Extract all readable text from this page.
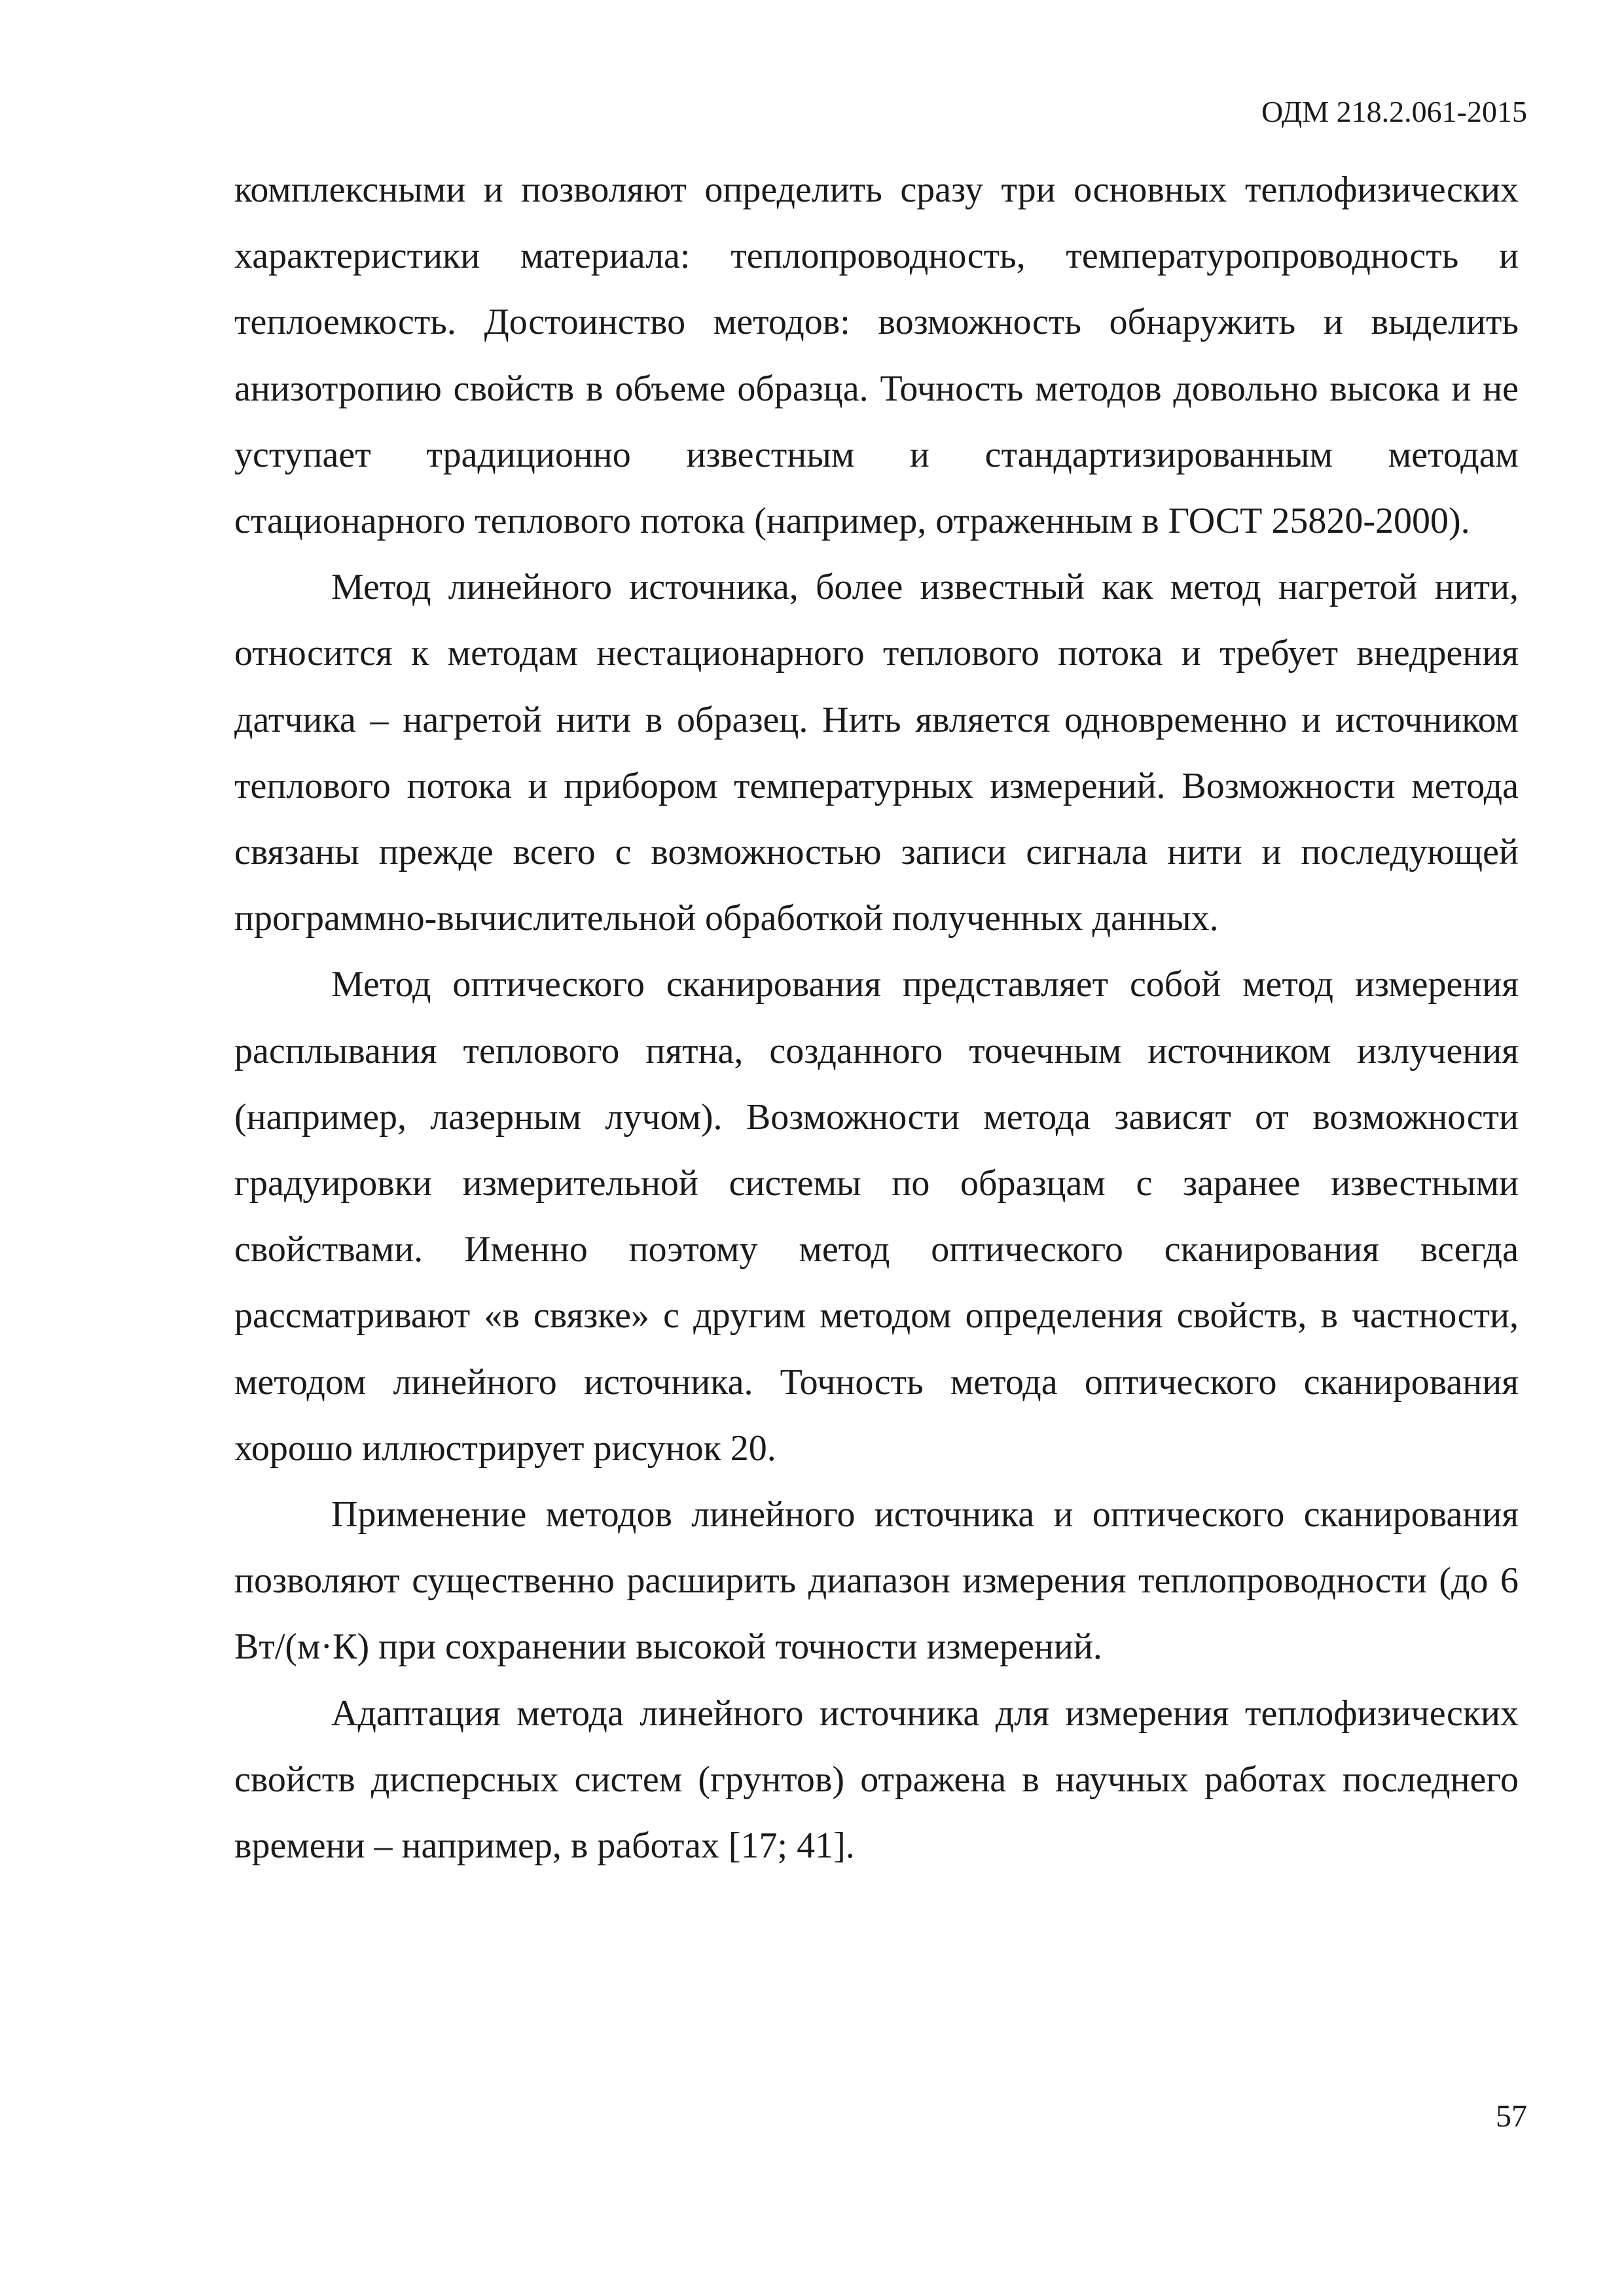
ОДМ 218.2.061-2015

комплексными и позволяют определить сразу три основных теплофизических характеристики материала: теплопроводность, температуропроводность и теплоемкость. Достоинство методов: возможность обнаружить и выделить анизотропию свойств в объеме образца. Точность методов довольно высока и не уступает традиционно известным и стандартизированным методам стационарного теплового потока (например, отраженным в ГОСТ 25820-2000).

Метод линейного источника, более известный как метод нагретой нити, относится к методам нестационарного теплового потока и требует внедрения датчика – нагретой нити в образец. Нить является одновременно и источником теплового потока и прибором температурных измерений. Возможности метода связаны прежде всего с возможностью записи сигнала нити и последующей программно-вычислительной обработкой полученных данных.

Метод оптического сканирования представляет собой метод измерения расплывания теплового пятна, созданного точечным источником излучения (например, лазерным лучом). Возможности метода зависят от возможности градуировки измерительной системы по образцам с заранее известными свойствами. Именно поэтому метод оптического сканирования всегда рассматривают «в связке» с другим методом определения свойств, в частности, методом линейного источника. Точность метода оптического сканирования хорошо иллюстрирует рисунок 20.

Применение методов линейного источника и оптического сканирования позволяют существенно расширить диапазон измерения теплопроводности (до 6 Вт/(м·К) при сохранении высокой точности измерений.

Адаптация метода линейного источника для измерения теплофизических свойств дисперсных систем (грунтов) отражена в научных работах последнего времени – например, в работах [17; 41].

57
